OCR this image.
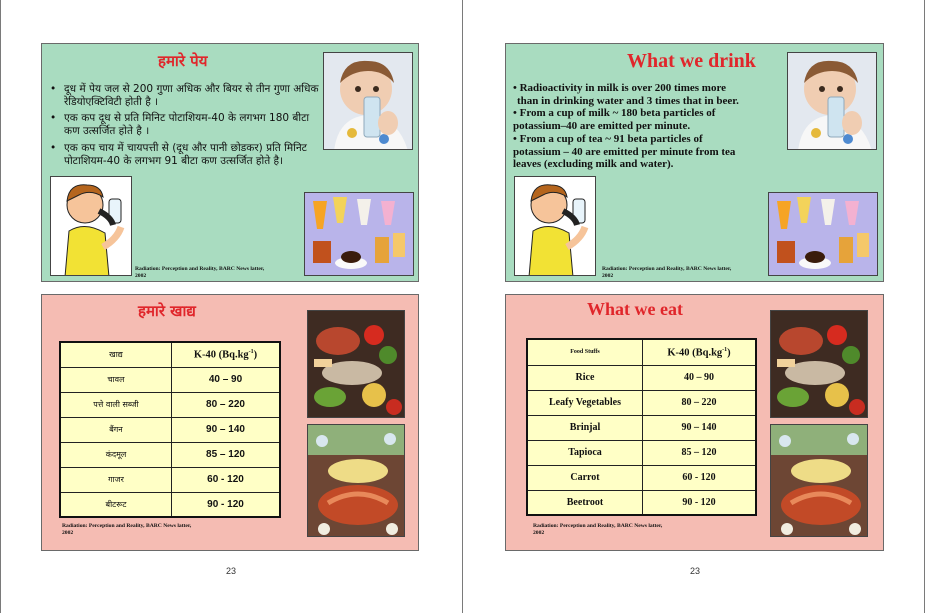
हमारे पेय
• दूध में पेय जल से 200 गुणा अधिक और बियर से तीन गुणा अधिक रेडियोएक्टिविटी होती है ।
• एक कप दूध से प्रति मिनिट पोटाशियम-40 के लगभग 180 बीटा कण उत्सर्जित होते है ।
• एक कप चाय में चायपत्ती से (दूध और पानी छोडकर) प्रति मिनिट पोटाशियम-40 के लगभग 91 बीटा कण उत्सर्जित होते है।
Radiation: Perception and Reality, BARC News latter,
2002
हमारे खाद्य
खाद्य	K-40 $(Bq.kg^{-1})$
चावल	40 – 90
पत्ते वाली सब्जी	80 – 220
बैंगन	90 – 140
कंदमूल	85 – 120
गाजर	60 - 120
बीटरूट	90 - 120
Radiation: Perception and Reality, BARC News latter,
2002
23
What we drink
• Radioactivity in milk is over 200 times more
than in drinking water and 3 times that in beer.
• From a cup of milk ~ 180 beta particles of
potassium–40 are emitted per minute.
• From a cup of tea ~ 91 beta particles of
potassium – 40 are emitted per minute from tea
leaves (excluding milk and water).
Radiation: Perception and Reality, BARC News latter,
2002
What we eat
Food Stuffs	K-40 $(Bq.kg^{-1})$
Rice	40 – 90
Leafy Vegetables	80 – 220
Brinjal	90 – 140
Tapioca	85 – 120
Carrot	60 - 120
Beetroot	90 - 120
Radiation: Perception and Reality, BARC News latter,
2002
23
